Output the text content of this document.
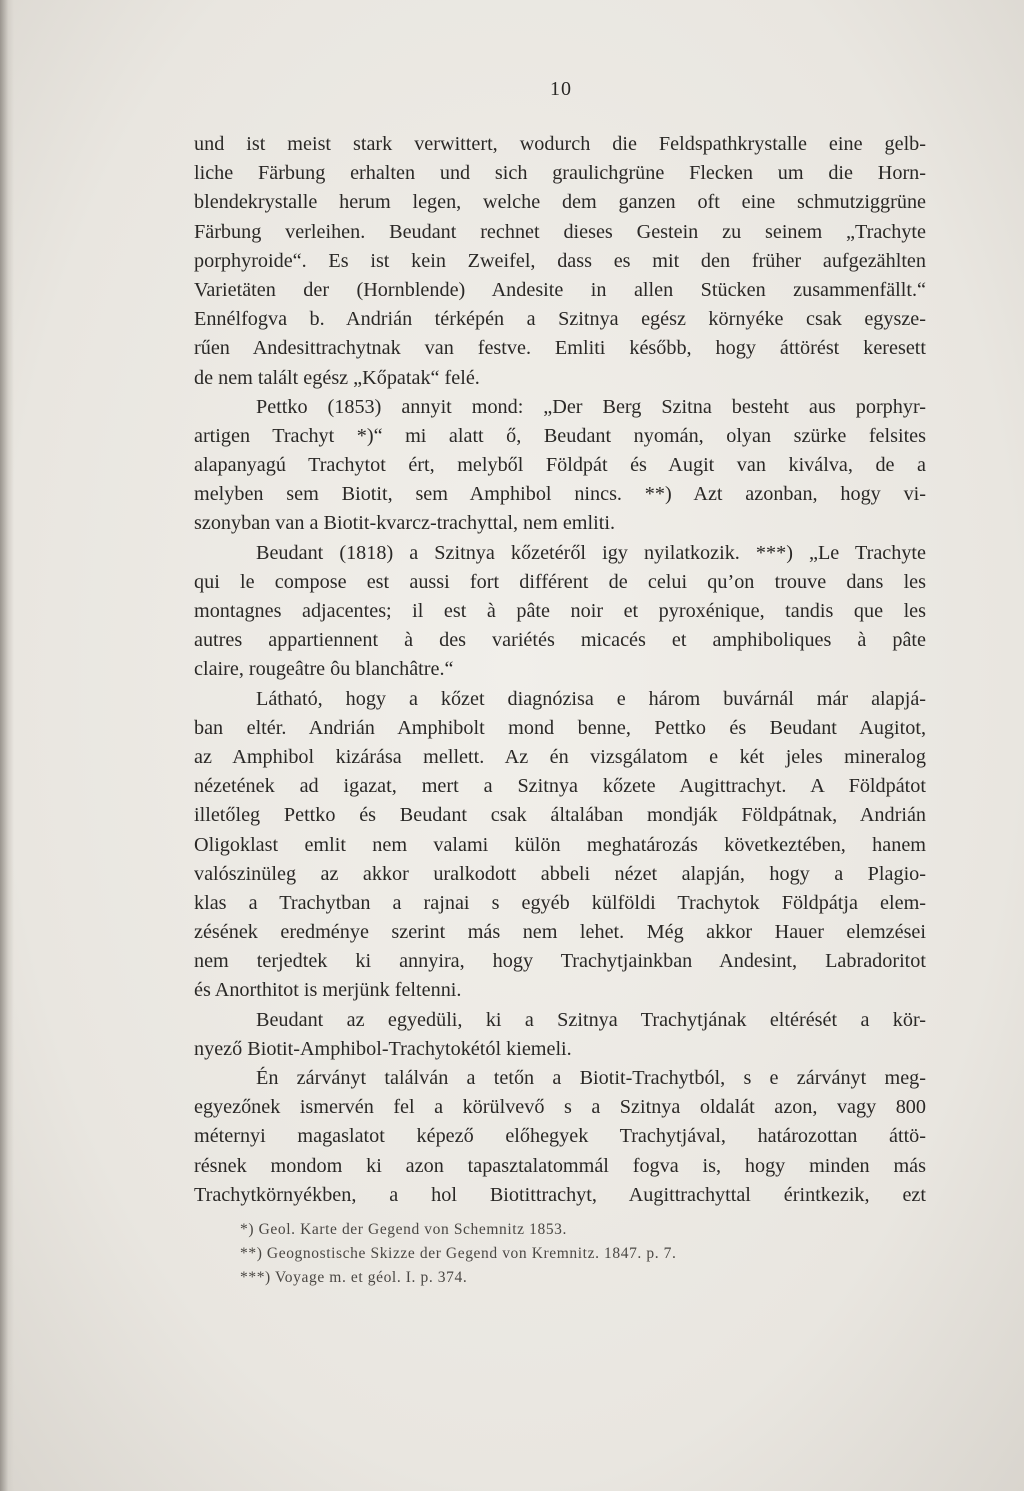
10
und ist meist stark verwittert, wodurch die Feldspathkrystalle eine gelb-
liche Färbung erhalten und sich graulichgrüne Flecken um die Horn-
blendekrystalle herum legen, welche dem ganzen oft eine schmutziggrüne
Färbung verleihen. Beudant rechnet dieses Gestein zu seinem „Trachyte
porphyroide“. Es ist kein Zweifel, dass es mit den früher aufgezählten
Varietäten der (Hornblende) Andesite in allen Stücken zusammenfällt.“
Ennélfogva b. Andrián térképén a Szitnya egész környéke csak egysze-
rűen Andesittrachytnak van festve. Emliti később, hogy áttörést keresett
de nem talált egész „Kőpatak“ felé.
Pettko (1853) annyit mond: „Der Berg Szitna besteht aus porphyr-
artigen Trachyt *)“ mi alatt ő, Beudant nyomán, olyan szürke felsites
alapanyagú Trachytot ért, melyből Földpát és Augit van kiválva, de a
melyben sem Biotit, sem Amphibol nincs. **) Azt azonban, hogy vi-
szonyban van a Biotit-kvarcz-trachyttal, nem emliti.
Beudant (1818) a Szitnya kőzetéről igy nyilatkozik. ***) „Le Trachyte
qui le compose est aussi fort différent de celui qu’on trouve dans les
montagnes adjacentes; il est à pâte noir et pyroxénique, tandis que les
autres appartiennent à des variétés micacés et amphiboliques à pâte
claire, rougeâtre ôu blanchâtre.“
Látható, hogy a kőzet diagnózisa e három buvárnál már alapjá-
ban eltér. Andrián Amphibolt mond benne, Pettko és Beudant Augitot,
az Amphibol kizárása mellett. Az én vizsgálatom e két jeles mineralog
nézetének ad igazat, mert a Szitnya kőzete Augittrachyt. A Földpátot
illetőleg Pettko és Beudant csak általában mondják Földpátnak, Andrián
Oligoklast emlit nem valami külön meghatározás következtében, hanem
valószinüleg az akkor uralkodott abbeli nézet alapján, hogy a Plagio-
klas a Trachytban a rajnai s egyéb külföldi Trachytok Földpátja elem-
zésének eredménye szerint más nem lehet. Még akkor Hauer elemzései
nem terjedtek ki annyira, hogy Trachytjainkban Andesint, Labradoritot
és Anorthitot is merjünk feltenni.
Beudant az egyedüli, ki a Szitnya Trachytjának eltérését a kör-
nyező Biotit-Amphibol-Trachytokétól kiemeli.
Én zárványt találván a tetőn a Biotit-Trachytból, s e zárványt meg-
egyezőnek ismervén fel a körülvevő s a Szitnya oldalát azon, vagy 800
méternyi magaslatot képező előhegyek Trachytjával, határozottan áttö-
résnek mondom ki azon tapasztalatommál fogva is, hogy minden más
Trachytkörnyékben, a hol Biotittrachyt, Augittrachyttal érintkezik, ezt
*) Geol. Karte der Gegend von Schemnitz 1853.
**) Geognostische Skizze der Gegend von Kremnitz. 1847. p. 7.
***) Voyage m. et géol. I. p. 374.
